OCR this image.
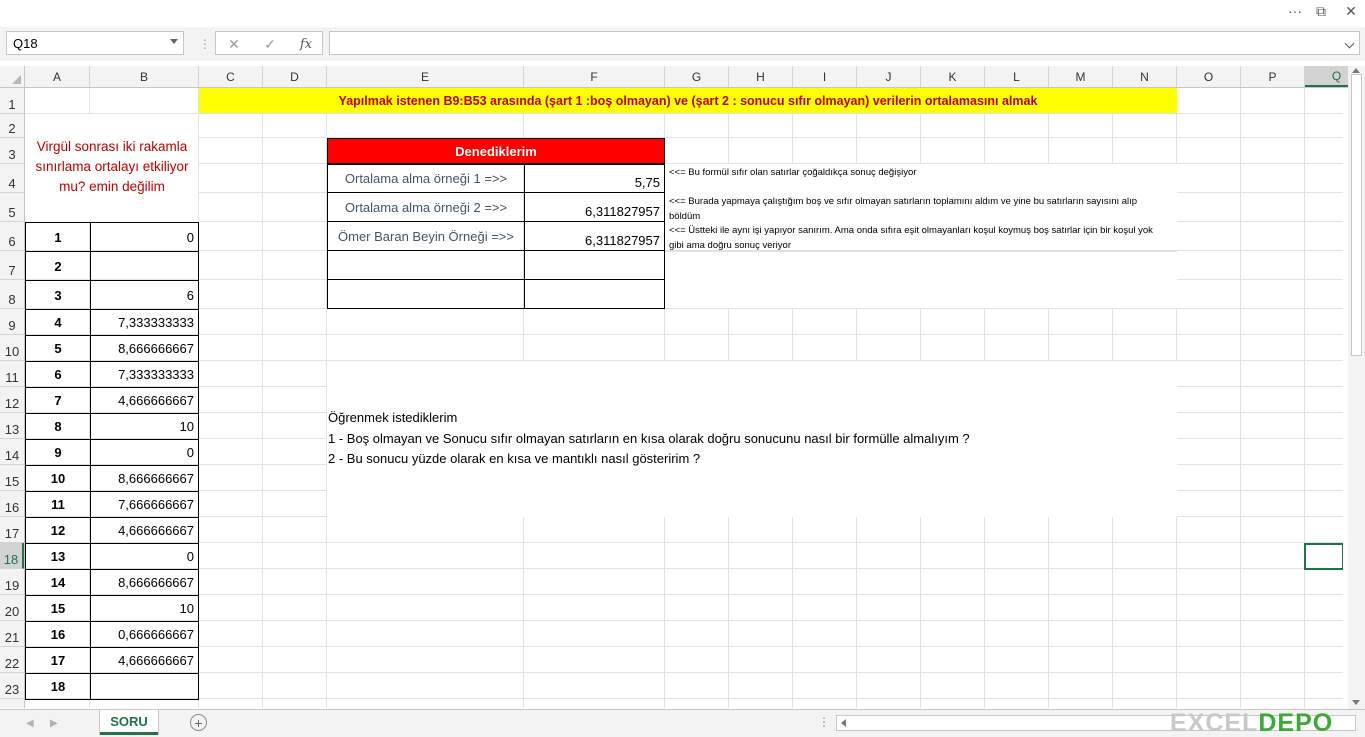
···	⧉	✕
Q18	⋮	✕	✓	fx
A	B	C	D	E	F	G	H	I	J	K	L	M	N	O	P	Q
1
2
3
4
5
6
7
8
9
10
11
12
13
14
15
16
17
18
19
20
21
22
23
Yapılmak istenen B9:B53 arasında (şart 1 :boş olmayan) ve (şart 2 : sonucu sıfır olmayan) verilerin ortalamasını almak
Virgül sonrası iki rakamla sınırlama ortalayı etkiliyor mu? emin değilim
1	0
2
3	6
4	7,333333333
5	8,666666667
6	7,333333333
7	4,666666667
8	10
9	0
10	8,666666667
11	7,666666667
12	4,666666667
13	0
14	8,666666667
15	10
16	0,666666667
17	4,666666667
18
Denediklerim
<<= Bu formül sıfır olan satırlar çoğaldıkça sonuç değişiyor
Ortalama alma örneği 1 =>>	5,75
<<= Burada yapmaya çalıştığım boş ve sıfır olmayan satırların toplamını aldım ve yine bu satırların sayısını alıp böldüm
Ortalama alma örneği 2 =>>	6,311827957
<<= Üstteki ile aynı işi yapıyor sanırım. Ama onda sıfıra eşit olmayanları koşul koymuş boş satırlar için bir koşul yok gibi ama doğru sonuç veriyor
Ömer Baran Beyin Örneği =>>	6,311827957
Öğrenmek istediklerim
1 - Boş olmayan ve Sonucu sıfır olmayan satırların en kısa olarak doğru sonucunu nasıl bir formülle almalıyım ?
2 - Bu sonucu yüzde olarak en kısa ve mantıklı nasıl gösteririm ?
◀ ▶	SORU	+	⋮	EXCELDEPO
